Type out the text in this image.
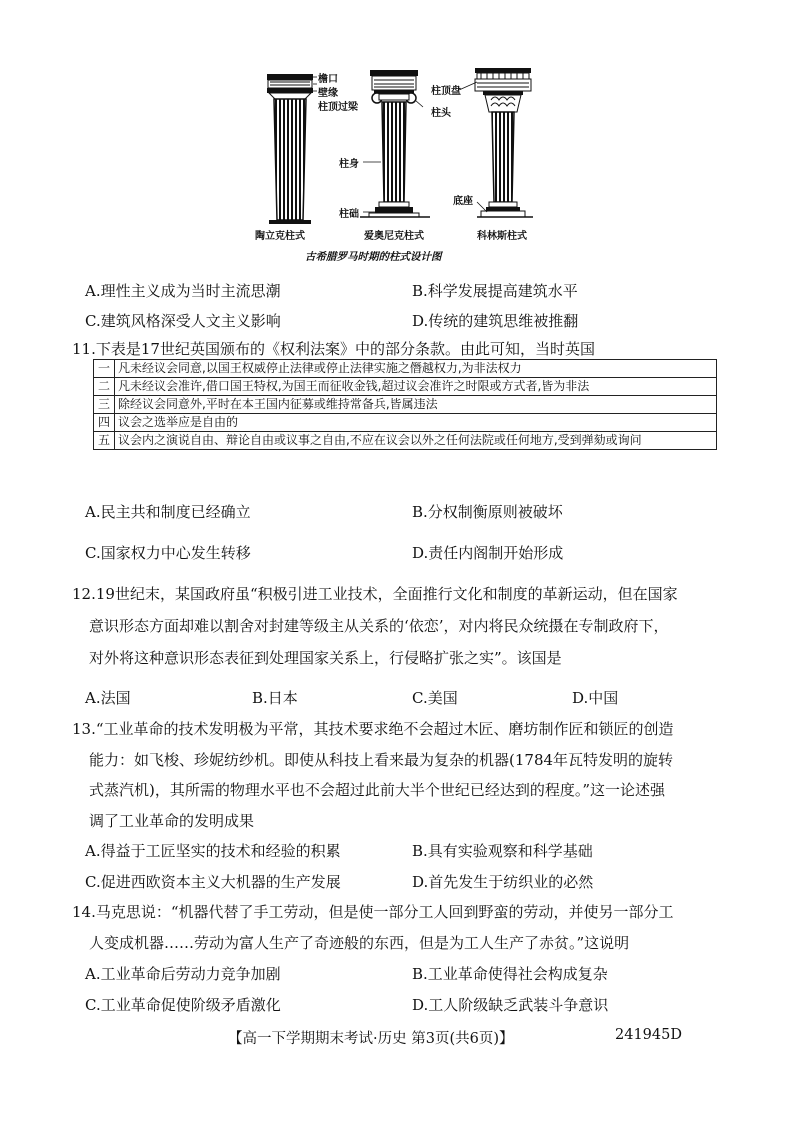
檐口
壁缘
柱顶过梁
柱顶盘
柱头
柱身
柱础
底座
陶立克柱式	爱奥尼克柱式	科林斯柱式
古希腊罗马时期的柱式设计图
A.理性主义成为当时主流思潮	B.科学发展提高建筑水平
C.建筑风格深受人文主义影响	D.传统的建筑思维被推翻
11.下表是17世纪英国颁布的《权利法案》中的部分条款。由此可知，当时英国
一	凡未经议会同意,以国王权威停止法律或停止法律实施之僭越权力,为非法权力
二	凡未经议会准许,借口国王特权,为国王而征收金钱,超过议会准许之时限或方式者,皆为非法
三	除经议会同意外,平时在本王国内征募或维持常备兵,皆属违法
四	议会之选举应是自由的
五	议会内之演说自由、辩论自由或议事之自由,不应在议会以外之任何法院或任何地方,受到弹劾或询问
A.民主共和制度已经确立	B.分权制衡原则被破坏
C.国家权力中心发生转移	D.责任内阁制开始形成
12.19世纪末，某国政府虽“积极引进工业技术，全面推行文化和制度的革新运动，但在国家
意识形态方面却难以割舍对封建等级主从关系的‘依恋’，对内将民众统摄在专制政府下，
对外将这种意识形态表征到处理国家关系上，行侵略扩张之实”。该国是
A.法国	B.日本	C.美国	D.中国
13.“工业革命的技术发明极为平常，其技术要求绝不会超过木匠、磨坊制作匠和锁匠的创造
能力：如飞梭、珍妮纺纱机。即使从科技上看来最为复杂的机器(1784年瓦特发明的旋转
式蒸汽机)，其所需的物理水平也不会超过此前大半个世纪已经达到的程度。”这一论述强
调了工业革命的发明成果
A.得益于工匠坚实的技术和经验的积累	B.具有实验观察和科学基础
C.促进西欧资本主义大机器的生产发展	D.首先发生于纺织业的必然
14.马克思说：“机器代替了手工劳动，但是使一部分工人回到野蛮的劳动，并使另一部分工
人变成机器……劳动为富人生产了奇迹般的东西，但是为工人生产了赤贫。”这说明
A.工业革命后劳动力竞争加剧	B.工业革命使得社会构成复杂
C.工业革命促使阶级矛盾激化	D.工人阶级缺乏武装斗争意识
【高一下学期期末考试·历史 第3页(共6页)】	241945D
